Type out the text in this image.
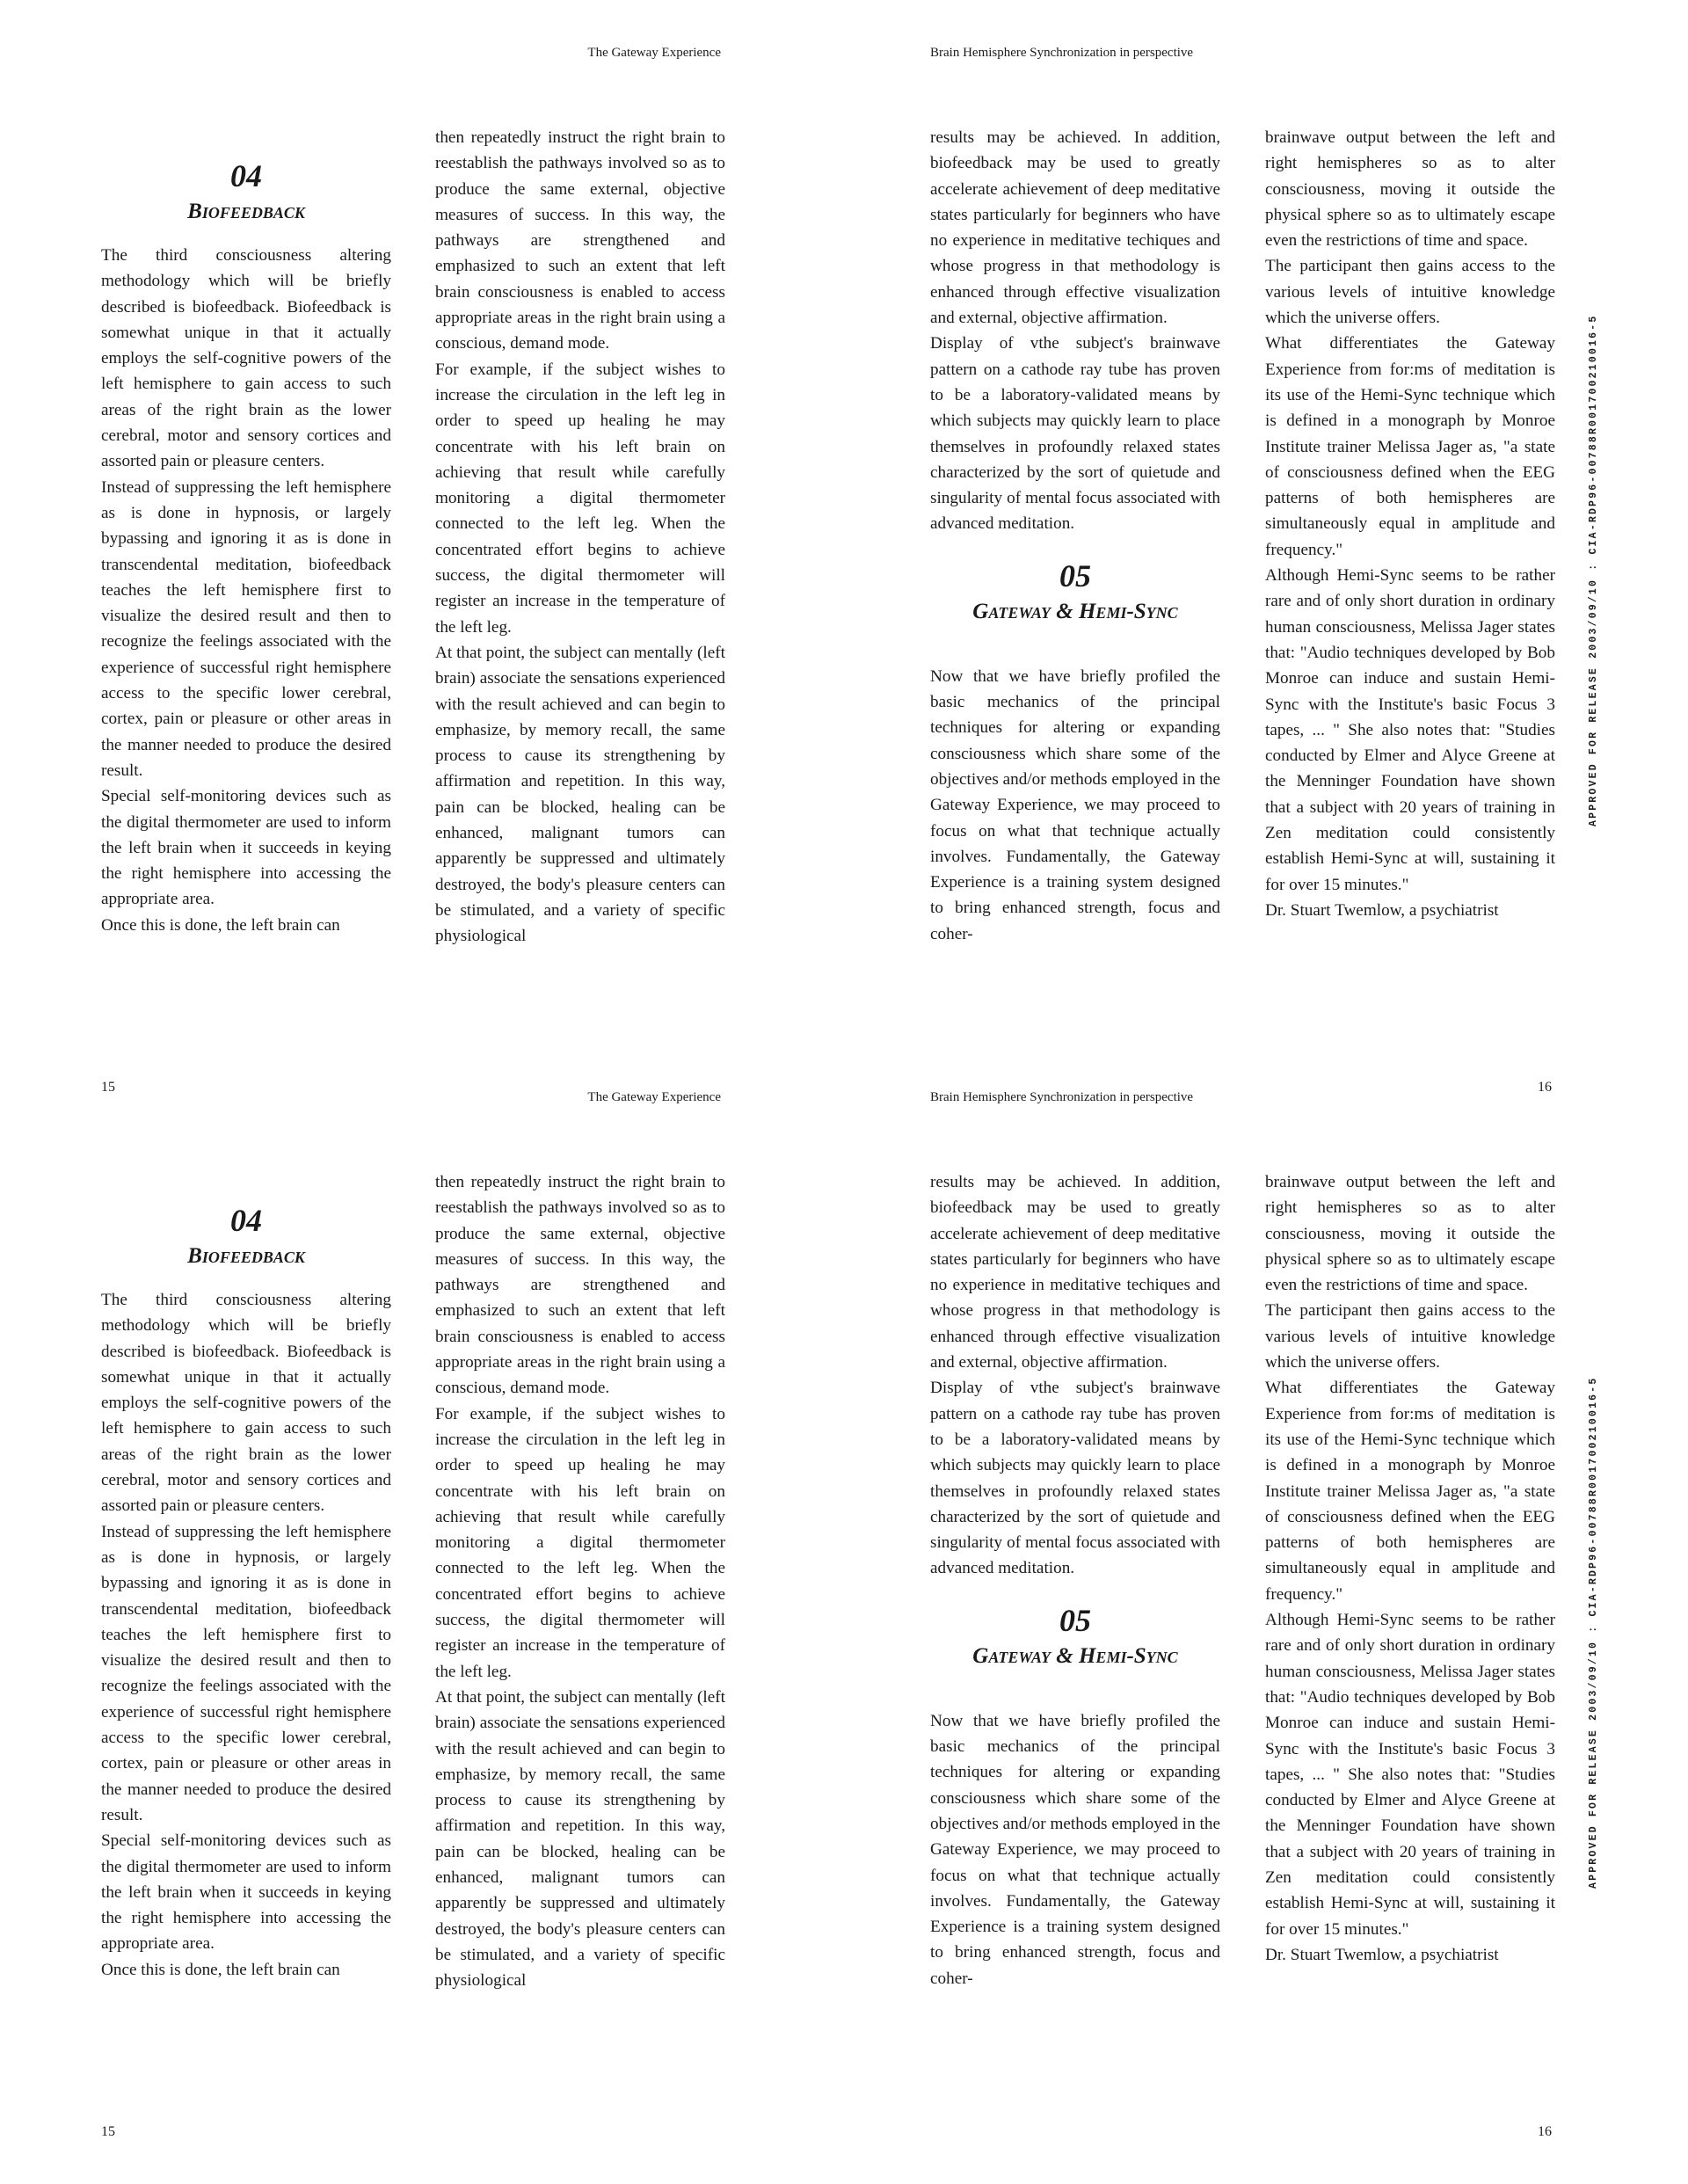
The Gateway Experience	Brain Hemisphere Synchronization in perspective
04
Biofeedback

The third consciousness altering methodology which will be briefly described is biofeedback. Biofeedback is somewhat unique in that it actually employs the self-cognitive powers of the left hemisphere to gain access to such areas of the right brain as the lower cerebral, motor and sensory cortices and assorted pain or pleasure centers.

Instead of suppressing the left hemisphere as is done in hypnosis, or largely bypassing and ignoring it as is done in transcendental meditation, biofeedback teaches the left hemisphere first to visualize the desired result and then to recognize the feelings associated with the experience of successful right hemisphere access to the specific lower cerebral, cortex, pain or pleasure or other areas in the manner needed to produce the desired result.

Special self-monitoring devices such as the digital thermometer are used to inform the left brain when it succeeds in keying the right hemisphere into accessing the appropriate area.

Once this is done, the left brain can

then repeatedly instruct the right brain to reestablish the pathways involved so as to produce the same external, objective measures of success. In this way, the pathways are strengthened and emphasized to such an extent that left brain consciousness is enabled to access appropriate areas in the right brain using a conscious, demand mode.

For example, if the subject wishes to increase the circulation in the left leg in order to speed up healing he may concentrate with his left brain on achieving that result while carefully monitoring a digital thermometer connected to the left leg. When the concentrated effort begins to achieve success, the digital thermometer will register an increase in the temperature of the left leg.

At that point, the subject can mentally (left brain) associate the sensations experienced with the result achieved and can begin to emphasize, by memory recall, the same process to cause its strengthening by affirmation and repetition. In this way, pain can be blocked, healing can be enhanced, malignant tumors can apparently be suppressed and ultimately destroyed, the body's pleasure centers can be stimulated, and a variety of specific physiological

results may be achieved. In addition, biofeedback may be used to greatly accelerate achievement of deep meditative states particularly for beginners who have no experience in meditative techiques and whose progress in that methodology is enhanced through effective visualization and external, objective affirmation.

Display of vthe subject's brainwave pattern on a cathode ray tube has proven to be a laboratory-validated means by which subjects may quickly learn to place themselves in profoundly relaxed states characterized by the sort of quietude and singularity of mental focus associated with advanced meditation.

05
Gateway & Hemi-Sync

Now that we have briefly profiled the basic mechanics of the principal techniques for altering or expanding consciousness which share some of the objectives and/or methods employed in the Gateway Experience, we may proceed to focus on what that technique actually involves. Fundamentally, the Gateway Experience is a training system designed to bring enhanced strength, focus and coher-

brainwave output between the left and right hemispheres so as to alter consciousness, moving it outside the physical sphere so as to ultimately escape even the restrictions of time and space.

The participant then gains access to the various levels of intuitive knowledge which the universe offers.

What differentiates the Gateway Experience from for:ms of meditation is its use of the Hemi-Sync technique which is defined in a monograph by Monroe Institute trainer Melissa Jager as, "a state of consciousness defined when the EEG patterns of both hemispheres are simultaneously equal in amplitude and frequency."

Although Hemi-Sync seems to be rather rare and of only short duration in ordinary human consciousness, Melissa Jager states that: "Audio techniques developed by Bob Monroe can induce and sustain Hemi-Sync with the Institute's basic Focus 3 tapes, ... " She also notes that: "Studies conducted by Elmer and Alyce Greene at the Menninger Foundation have shown that a subject with 20 years of training in Zen meditation could consistently establish Hemi-Sync at will, sustaining it for over 15 minutes."

Dr. Stuart Twemlow, a psychiatrist

15	16
APPROVED FOR RELEASE 2003/09/10 : CIA-RDP96-00788R001700210016-5
The Gateway Experience	Brain Hemisphere Synchronization in perspective
04
Biofeedback

The third consciousness altering methodology which will be briefly described is biofeedback. Biofeedback is somewhat unique in that it actually employs the self-cognitive powers of the left hemisphere to gain access to such areas of the right brain as the lower cerebral, motor and sensory cortices and assorted pain or pleasure centers.

Instead of suppressing the left hemisphere as is done in hypnosis, or largely bypassing and ignoring it as is done in transcendental meditation, biofeedback teaches the left hemisphere first to visualize the desired result and then to recognize the feelings associated with the experience of successful right hemisphere access to the specific lower cerebral, cortex, pain or pleasure or other areas in the manner needed to produce the desired result.

Special self-monitoring devices such as the digital thermometer are used to inform the left brain when it succeeds in keying the right hemisphere into accessing the appropriate area.

Once this is done, the left brain can

then repeatedly instruct the right brain to reestablish the pathways involved so as to produce the same external, objective measures of success. In this way, the pathways are strengthened and emphasized to such an extent that left brain consciousness is enabled to access appropriate areas in the right brain using a conscious, demand mode.

For example, if the subject wishes to increase the circulation in the left leg in order to speed up healing he may concentrate with his left brain on achieving that result while carefully monitoring a digital thermometer connected to the left leg. When the concentrated effort begins to achieve success, the digital thermometer will register an increase in the temperature of the left leg.

At that point, the subject can mentally (left brain) associate the sensations experienced with the result achieved and can begin to emphasize, by memory recall, the same process to cause its strengthening by affirmation and repetition. In this way, pain can be blocked, healing can be enhanced, malignant tumors can apparently be suppressed and ultimately destroyed, the body's pleasure centers can be stimulated, and a variety of specific physiological

results may be achieved. In addition, biofeedback may be used to greatly accelerate achievement of deep meditative states particularly for beginners who have no experience in meditative techiques and whose progress in that methodology is enhanced through effective visualization and external, objective affirmation.

Display of vthe subject's brainwave pattern on a cathode ray tube has proven to be a laboratory-validated means by which subjects may quickly learn to place themselves in profoundly relaxed states characterized by the sort of quietude and singularity of mental focus associated with advanced meditation.

05
Gateway & Hemi-Sync

Now that we have briefly profiled the basic mechanics of the principal techniques for altering or expanding consciousness which share some of the objectives and/or methods employed in the Gateway Experience, we may proceed to focus on what that technique actually involves. Fundamentally, the Gateway Experience is a training system designed to bring enhanced strength, focus and coher-

brainwave output between the left and right hemispheres so as to alter consciousness, moving it outside the physical sphere so as to ultimately escape even the restrictions of time and space.

The participant then gains access to the various levels of intuitive knowledge which the universe offers.

What differentiates the Gateway Experience from for:ms of meditation is its use of the Hemi-Sync technique which is defined in a monograph by Monroe Institute trainer Melissa Jager as, "a state of consciousness defined when the EEG patterns of both hemispheres are simultaneously equal in amplitude and frequency."

Although Hemi-Sync seems to be rather rare and of only short duration in ordinary human consciousness, Melissa Jager states that: "Audio techniques developed by Bob Monroe can induce and sustain Hemi-Sync with the Institute's basic Focus 3 tapes, ... " She also notes that: "Studies conducted by Elmer and Alyce Greene at the Menninger Foundation have shown that a subject with 20 years of training in Zen meditation could consistently establish Hemi-Sync at will, sustaining it for over 15 minutes."

Dr. Stuart Twemlow, a psychiatrist

15	16
APPROVED FOR RELEASE 2003/09/10 : CIA-RDP96-00788R001700210016-5
